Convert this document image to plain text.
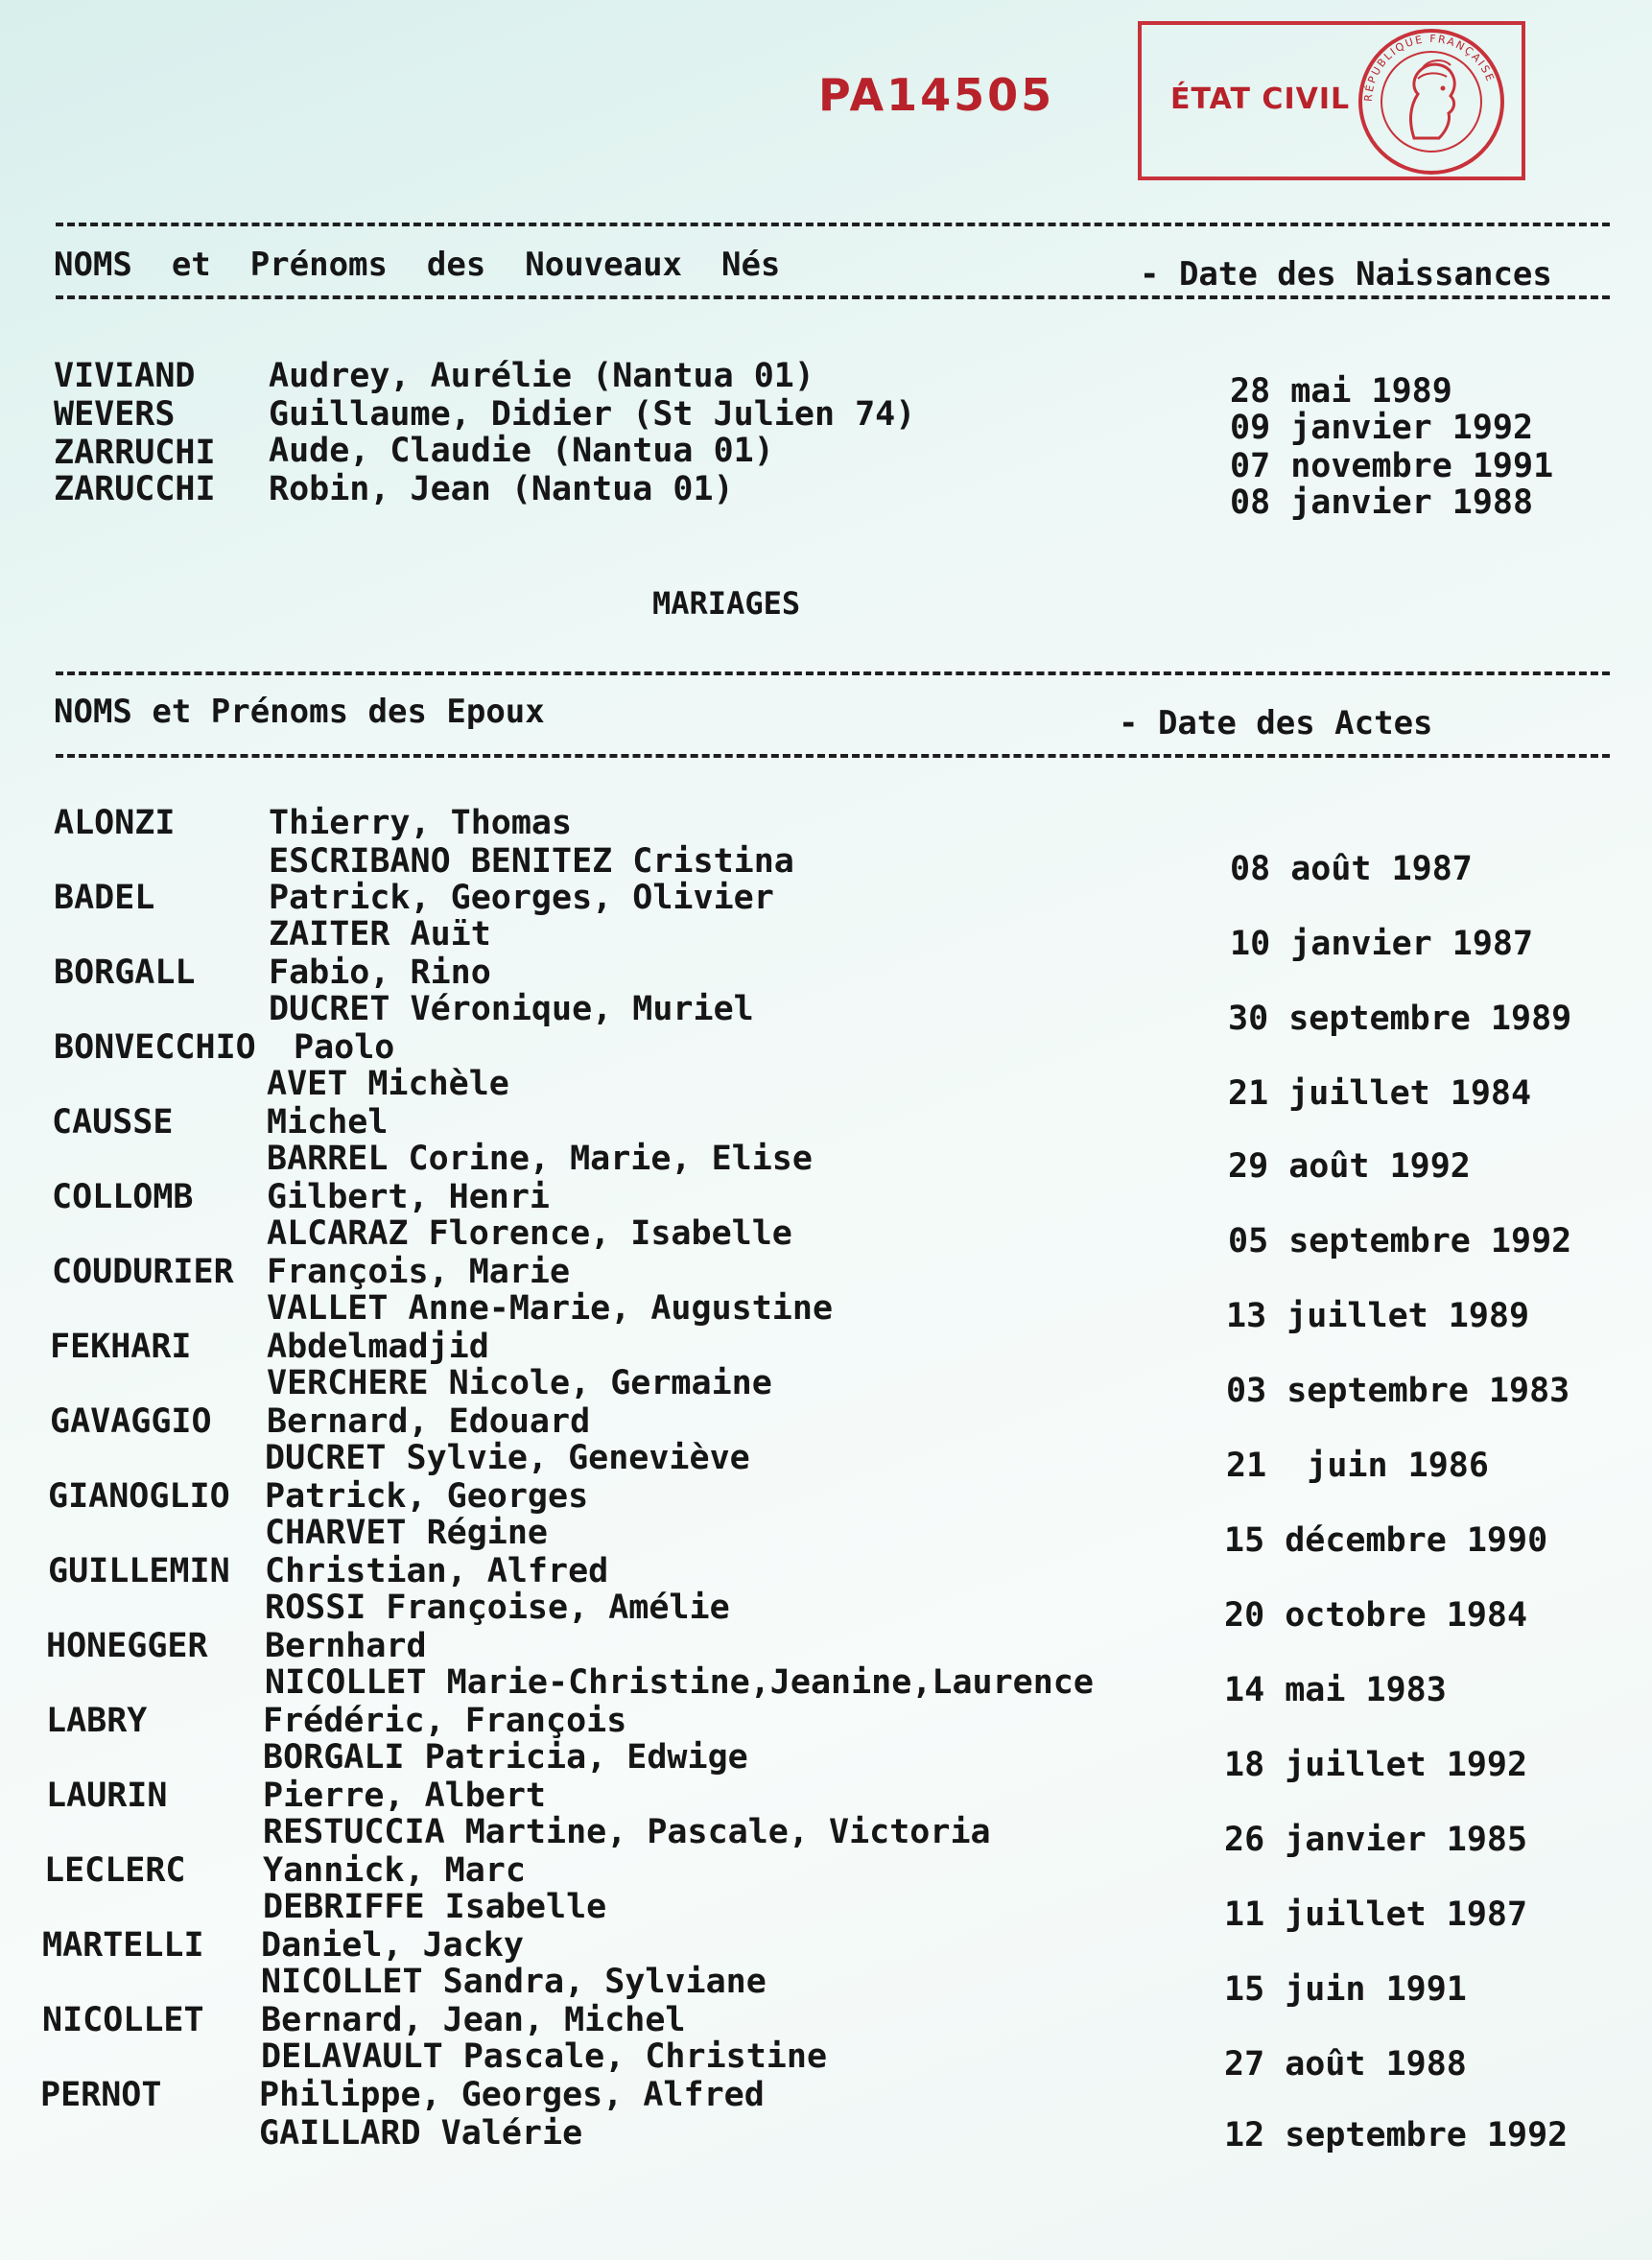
PA14505	ÉTAT CIVIL RÉPUBLIQUE FRANÇAISE
NOMS  et  Prénoms  des  Nouveaux  Nés	- Date des Naissances
VIVIAND Audrey, Aurélie (Nantua 01)	28 mai 1989
WEVERS	Guillaume, Didier (St Julien 74)	09 janvier 1992
ZARRUCHI Aude, Claudie (Nantua 01)	07 novembre 1991
ZARUCCHI Robin, Jean (Nantua 01)	08 janvier 1988
MARIAGES
NOMS et Prénoms des Epoux	- Date des Actes
ALONZI	Thierry, Thomas
ESCRIBANO BENITEZ Cristina	08 août 1987
BADEL	Patrick, Georges, Olivier
ZAITER Auït	10 janvier 1987
BORGALL Fabio, Rino
DUCRET Véronique, Muriel	30 septembre 1989
BONVECCHIO Paolo
AVET Michèle	21 juillet 1984
CAUSSE	Michel
BARREL Corine, Marie, Elise	29 août 1992
COLLOMB Gilbert, Henri
ALCARAZ Florence, Isabelle	05 septembre 1992
COUDURIER François, Marie
VALLET Anne-Marie, Augustine	13 juillet 1989
FEKHARI Abdelmadjid
VERCHERE Nicole, Germaine	03 septembre 1983
GAVAGGIO Bernard, Edouard
DUCRET Sylvie, Geneviève	21  juin 1986
GIANOGLIO Patrick, Georges
CHARVET Régine	15 décembre 1990
GUILLEMIN Christian, Alfred
ROSSI Françoise, Amélie	20 octobre 1984
HONEGGER Bernhard
NICOLLET Marie-Christine,Jeanine,Laurence	14 mai 1983
LABRY	Frédéric, François
BORGALI Patricia, Edwige	18 juillet 1992
LAURIN	Pierre, Albert
RESTUCCIA Martine, Pascale, Victoria	26 janvier 1985
LECLERC Yannick, Marc
DEBRIFFE Isabelle	11 juillet 1987
MARTELLI Daniel, Jacky
NICOLLET Sandra, Sylviane	15 juin 1991
NICOLLET Bernard, Jean, Michel
DELAVAULT Pascale, Christine	27 août 1988
PERNOT	Philippe, Georges, Alfred
GAILLARD Valérie	12 septembre 1992
